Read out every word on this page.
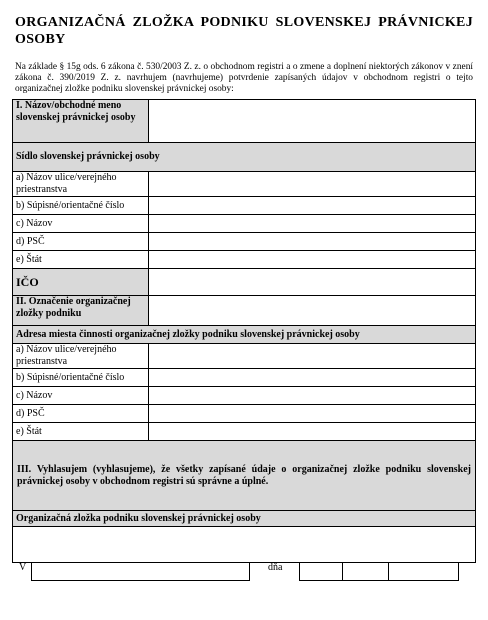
ORGANIZAČNÁ ZLOŽKA PODNIKU SLOVENSKEJ PRÁVNICKEJ OSOBY
Na základe § 15g ods. 6 zákona č. 530/2003 Z. z. o obchodnom registri a o zmene a doplnení niektorých zákonov v znení zákona č. 390/2019 Z. z. navrhujem (navrhujeme) potvrdenie zapísaných údajov v obchodnom registri o tejto organizačnej zložke podniku slovenskej právnickej osoby:
I. Názov/obchodné meno slovenskej právnickej osoby	
Sídlo slovenskej právnickej osoby	
a) Názov ulice/verejného priestranstva	
b) Súpisné/orientačné číslo	
c) Názov	
d) PSČ	
e) Štát	
IČO	
II. Označenie organizačnej zložky podniku	
Adresa miesta činnosti organizačnej zložky podniku slovenskej právnickej osoby	
a) Názov ulice/verejného priestranstva	
b) Súpisné/orientačné číslo	
c) Názov	
d) PSČ	
e) Štát	
III. Vyhlasujem (vyhlasujeme), že všetky zapísané údaje o organizačnej zložke podniku slovenskej právnickej osoby v obchodnom registri sú správne a úplné.	
Organizačná zložka podniku slovenskej právnickej osoby	

V	dňa
